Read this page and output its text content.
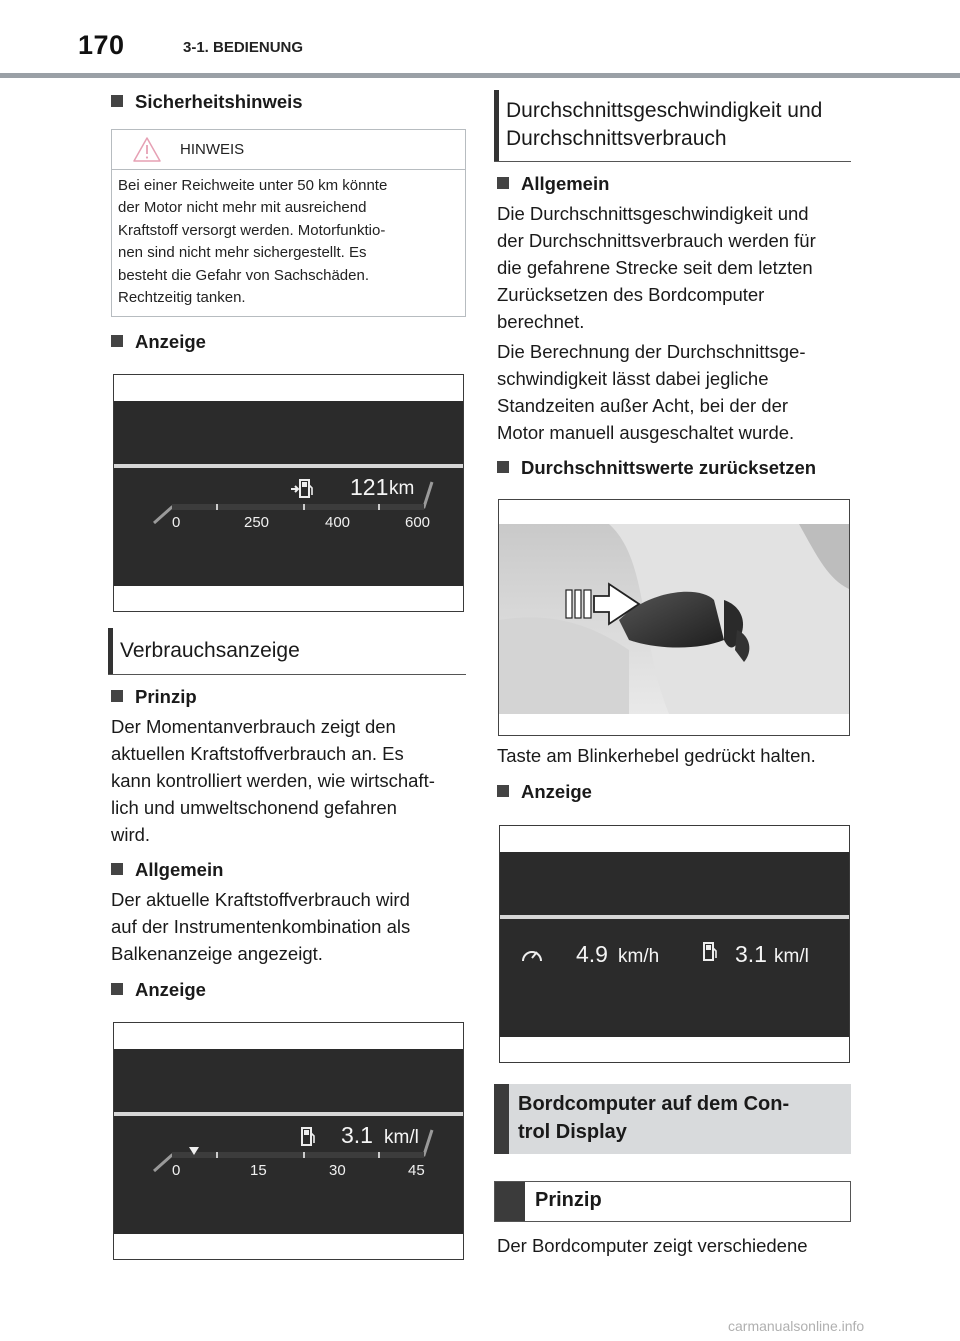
170	3-1. BEDIENUNG
Sicherheitshinweis
HINWEIS
Bei einer Reichweite unter 50 km könnte
der Motor nicht mehr mit ausreichend
Kraftstoff versorgt werden. Motorfunktio-
nen sind nicht mehr sichergestellt. Es
besteht die Gefahr von Sachschäden.
Rechtzeitig tanken.
Anzeige
121 km
0	250	400	600
Verbrauchsanzeige
Prinzip
Der Momentanverbrauch zeigt den
aktuellen Kraftstoffverbrauch an. Es
kann kontrolliert werden, wie wirtschaft-
lich und umweltschonend gefahren
wird.
Allgemein
Der aktuelle Kraftstoffverbrauch wird
auf der Instrumentenkombination als
Balkenanzeige angezeigt.
Anzeige
3.1 km/l
0	15	30	45
Durchschnittsgeschwindigkeit und
Durchschnittsverbrauch
Allgemein
Die Durchschnittsgeschwindigkeit und
der Durchschnittsverbrauch werden für
die gefahrene Strecke seit dem letzten
Zurücksetzen des Bordcomputer
berechnet.
Die Berechnung der Durchschnittsge-
schwindigkeit lässt dabei jegliche
Standzeiten außer Acht, bei der der
Motor manuell ausgeschaltet wurde.
Durchschnittswerte zurücksetzen
Taste am Blinkerhebel gedrückt halten.
Anzeige
4.9 km/h	3.1 km/l
Bordcomputer auf dem Con-
trol Display
Prinzip
Der Bordcomputer zeigt verschiedene
carmanualsonline.info
